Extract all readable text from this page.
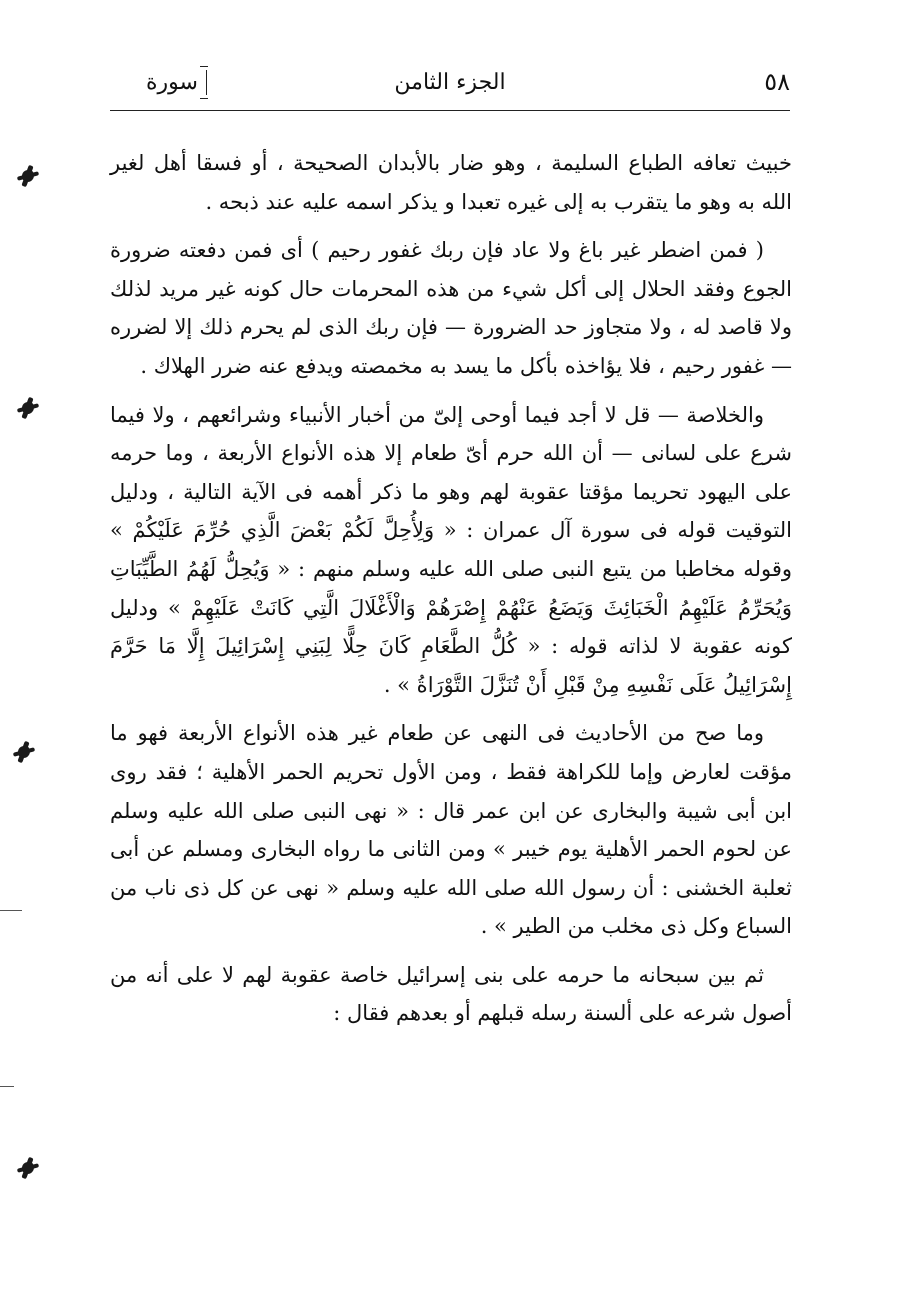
٥٨
الجزء الثامن
سورة

خبيث تعافه الطباع السليمة ، وهو ضار بالأبدان الصحيحة ، أو فسقا أهل لغير الله به وهو ما يتقرب به إلى غيره تعبدا و يذكر اسمه عليه عند ذبحه .

( فمن اضطر غير باغ ولا عاد فإن ربك غفور رحيم ) أى فمن دفعته ضرورة الجوع وفقد الحلال إلى أكل شيء من هذه المحرمات حال كونه غير مريد لذلك ولا قاصد له ، ولا متجاوز حد الضرورة — فإن ربك الذى لم يحرم ذلك إلا لضرره — غفور رحيم ، فلا يؤاخذه بأكل ما يسد به مخمصته ويدفع عنه ضرر الهلاك .

والخلاصة — قل لا أجد فيما أوحى إلىّ من أخبار الأنبياء وشرائعهم ، ولا فيما شرع على لسانى — أن الله حرم أىّ طعام إلا هذه الأنواع الأربعة ، وما حرمه على اليهود تحريما مؤقتا عقوبة لهم وهو ما ذكر أهمه فى الآية التالية ، ودليل التوقيت قوله فى سورة آل عمران : « وَلِأُحِلَّ لَكُمْ بَعْضَ الَّذِي حُرِّمَ عَلَيْكُمْ » وقوله مخاطبا من يتبع النبى صلى الله عليه وسلم منهم : « وَيُحِلُّ لَهُمُ الطَّيِّبَاتِ وَيُحَرِّمُ عَلَيْهِمُ الْخَبَائِثَ وَيَضَعُ عَنْهُمْ إِصْرَهُمْ وَالْأَغْلَالَ الَّتِي كَانَتْ عَلَيْهِمْ » ودليل كونه عقوبة لا لذاته قوله : « كُلُّ الطَّعَامِ كَانَ حِلًّا لِبَنِي إِسْرَائِيلَ إِلَّا مَا حَرَّمَ إِسْرَائِيلُ عَلَى نَفْسِهِ مِنْ قَبْلِ أَنْ تُنَزَّلَ التَّوْرَاةُ » .

وما صح من الأحاديث فى النهى عن طعام غير هذه الأنواع الأربعة فهو ما مؤقت لعارض وإما للكراهة فقط ، ومن الأول تحريم الحمر الأهلية ؛ فقد روى ابن أبى شيبة والبخارى عن ابن عمر قال : « نهى النبى صلى الله عليه وسلم عن لحوم الحمر الأهلية يوم خيبر » ومن الثانى ما رواه البخارى ومسلم عن أبى ثعلبة الخشنى : أن رسول الله صلى الله عليه وسلم « نهى عن كل ذى ناب من السباع وكل ذى مخلب من الطير » .

ثم بين سبحانه ما حرمه على بنى إسرائيل خاصة عقوبة لهم لا على أنه من أصول شرعه على ألسنة رسله قبلهم أو بعدهم فقال :
